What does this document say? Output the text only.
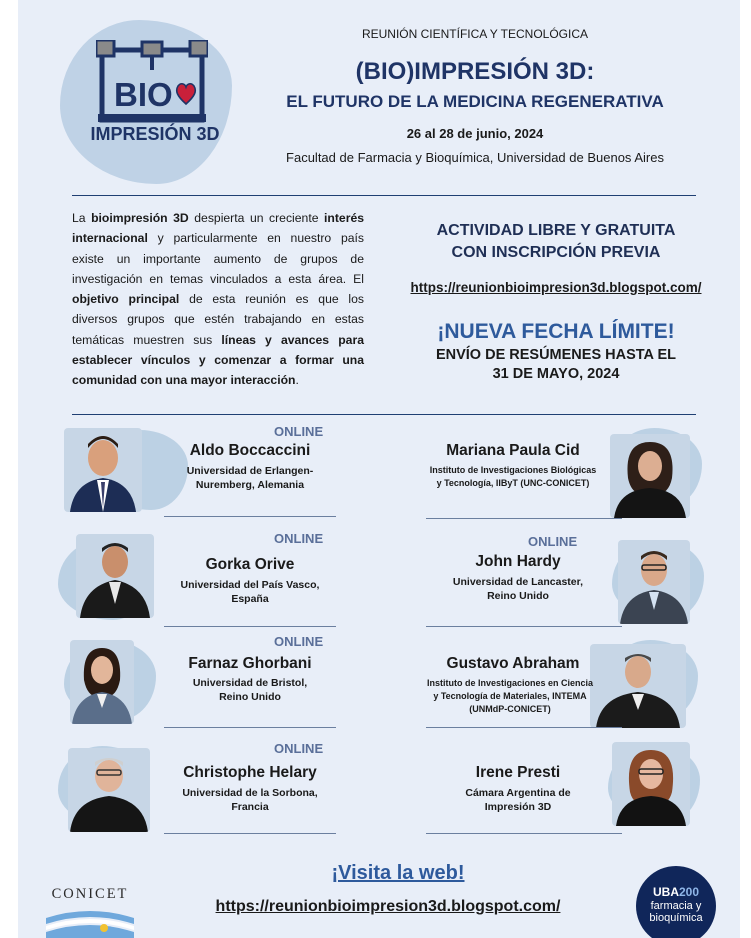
BIO
IMPRESIÓN 3D
REUNIÓN CIENTÍFICA Y TECNOLÓGICA
(BIO)IMPRESIÓN 3D:
EL FUTURO DE LA MEDICINA REGENERATIVA
26 al 28 de junio, 2024
Facultad de Farmacia y Bioquímica, Universidad de Buenos Aires

La bioimpresión 3D despierta un creciente interés internacional y particularmente en nuestro país existe un importante aumento de grupos de investigación en temas vinculados a esta área. El objetivo principal de esta reunión es que los diversos grupos que estén trabajando en estas temáticas muestren sus líneas y avances para establecer vínculos y comenzar a formar una comunidad con una mayor interacción.

ACTIVIDAD LIBRE Y GRATUITA
CON INSCRIPCIÓN PREVIA
https://reunionbioimpresion3d.blogspot.com/
¡NUEVA FECHA LÍMITE!
ENVÍO DE RESÚMENES HASTA EL
31 DE MAYO, 2024
ONLINE
Aldo Boccaccini
Universidad de Erlangen-
Nuremberg, Alemania
ONLINE
Gorka Orive
Universidad del País Vasco,
España
ONLINE
Farnaz Ghorbani
Universidad de Bristol,
Reino Unido
ONLINE
Christophe Helary
Universidad de la Sorbona,
Francia
Mariana Paula Cid
Instituto de Investigaciones Biológicas
y Tecnología, IIByT (UNC-CONICET)
ONLINE
John Hardy
Universidad de Lancaster,
Reino Unido
Gustavo Abraham
Instituto de Investigaciones en Ciencia
y Tecnología de Materiales, INTEMA
(UNMdP-CONICET)
Irene Presti
Cámara Argentina de
Impresión 3D
CONICET
¡Visita la web!
https://reunionbioimpresion3d.blogspot.com/
UBA200
farmacia y
bioquímica
